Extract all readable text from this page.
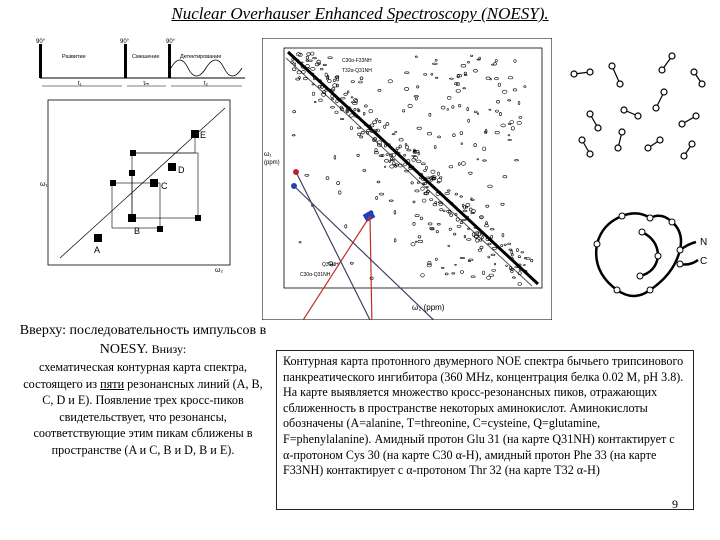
Nuclear Overhauser Enhanced Spectroscopy (NOESY).
90°	90°	90°
Развитие	Смешение	Детектирование
t₁	τₘ	t₂
A
B
C
D
E
ω₁
ω₂
ω₁
(ppm)
ω₂ (ppm)
C30α-F33NH
T32α-Q31NH
C30α-Q31NH
Q31NH
N
C
Вверху: последовательность импульсов в NOESY. Внизу:
схематическая контурная карта спектра, состоящего из пяти резонансных линий (A, B, C, D и E). Появление трех кросс-пиков свидетельствует, что резонансы, соответствующие этим пикам сближены в пространстве (A и C, B и D, B и E).
Контурная карта протонного двумерного NOE спектра бычьего трипсинового панкреатического ингибитора (360 MHz, концентрация белка 0.02 M, pH 3.8). На карте выявляется множество кросс-резонансных пиков, отражающих сближенность в пространстве некоторых аминокислот. Аминокислоты обозначены (A=alanine, T=threonine, C=cysteine, Q=glutamine, F=phenylalanine). Амидный протон Glu 31 (на карте Q31NH) контактирует с α-протоном Cys 30 (на карте C30 α-H), амидный протон Phe 33 (на карте F33NH) контактирует с α-протоном Thr 32 (на карте T32 α-H)
9
